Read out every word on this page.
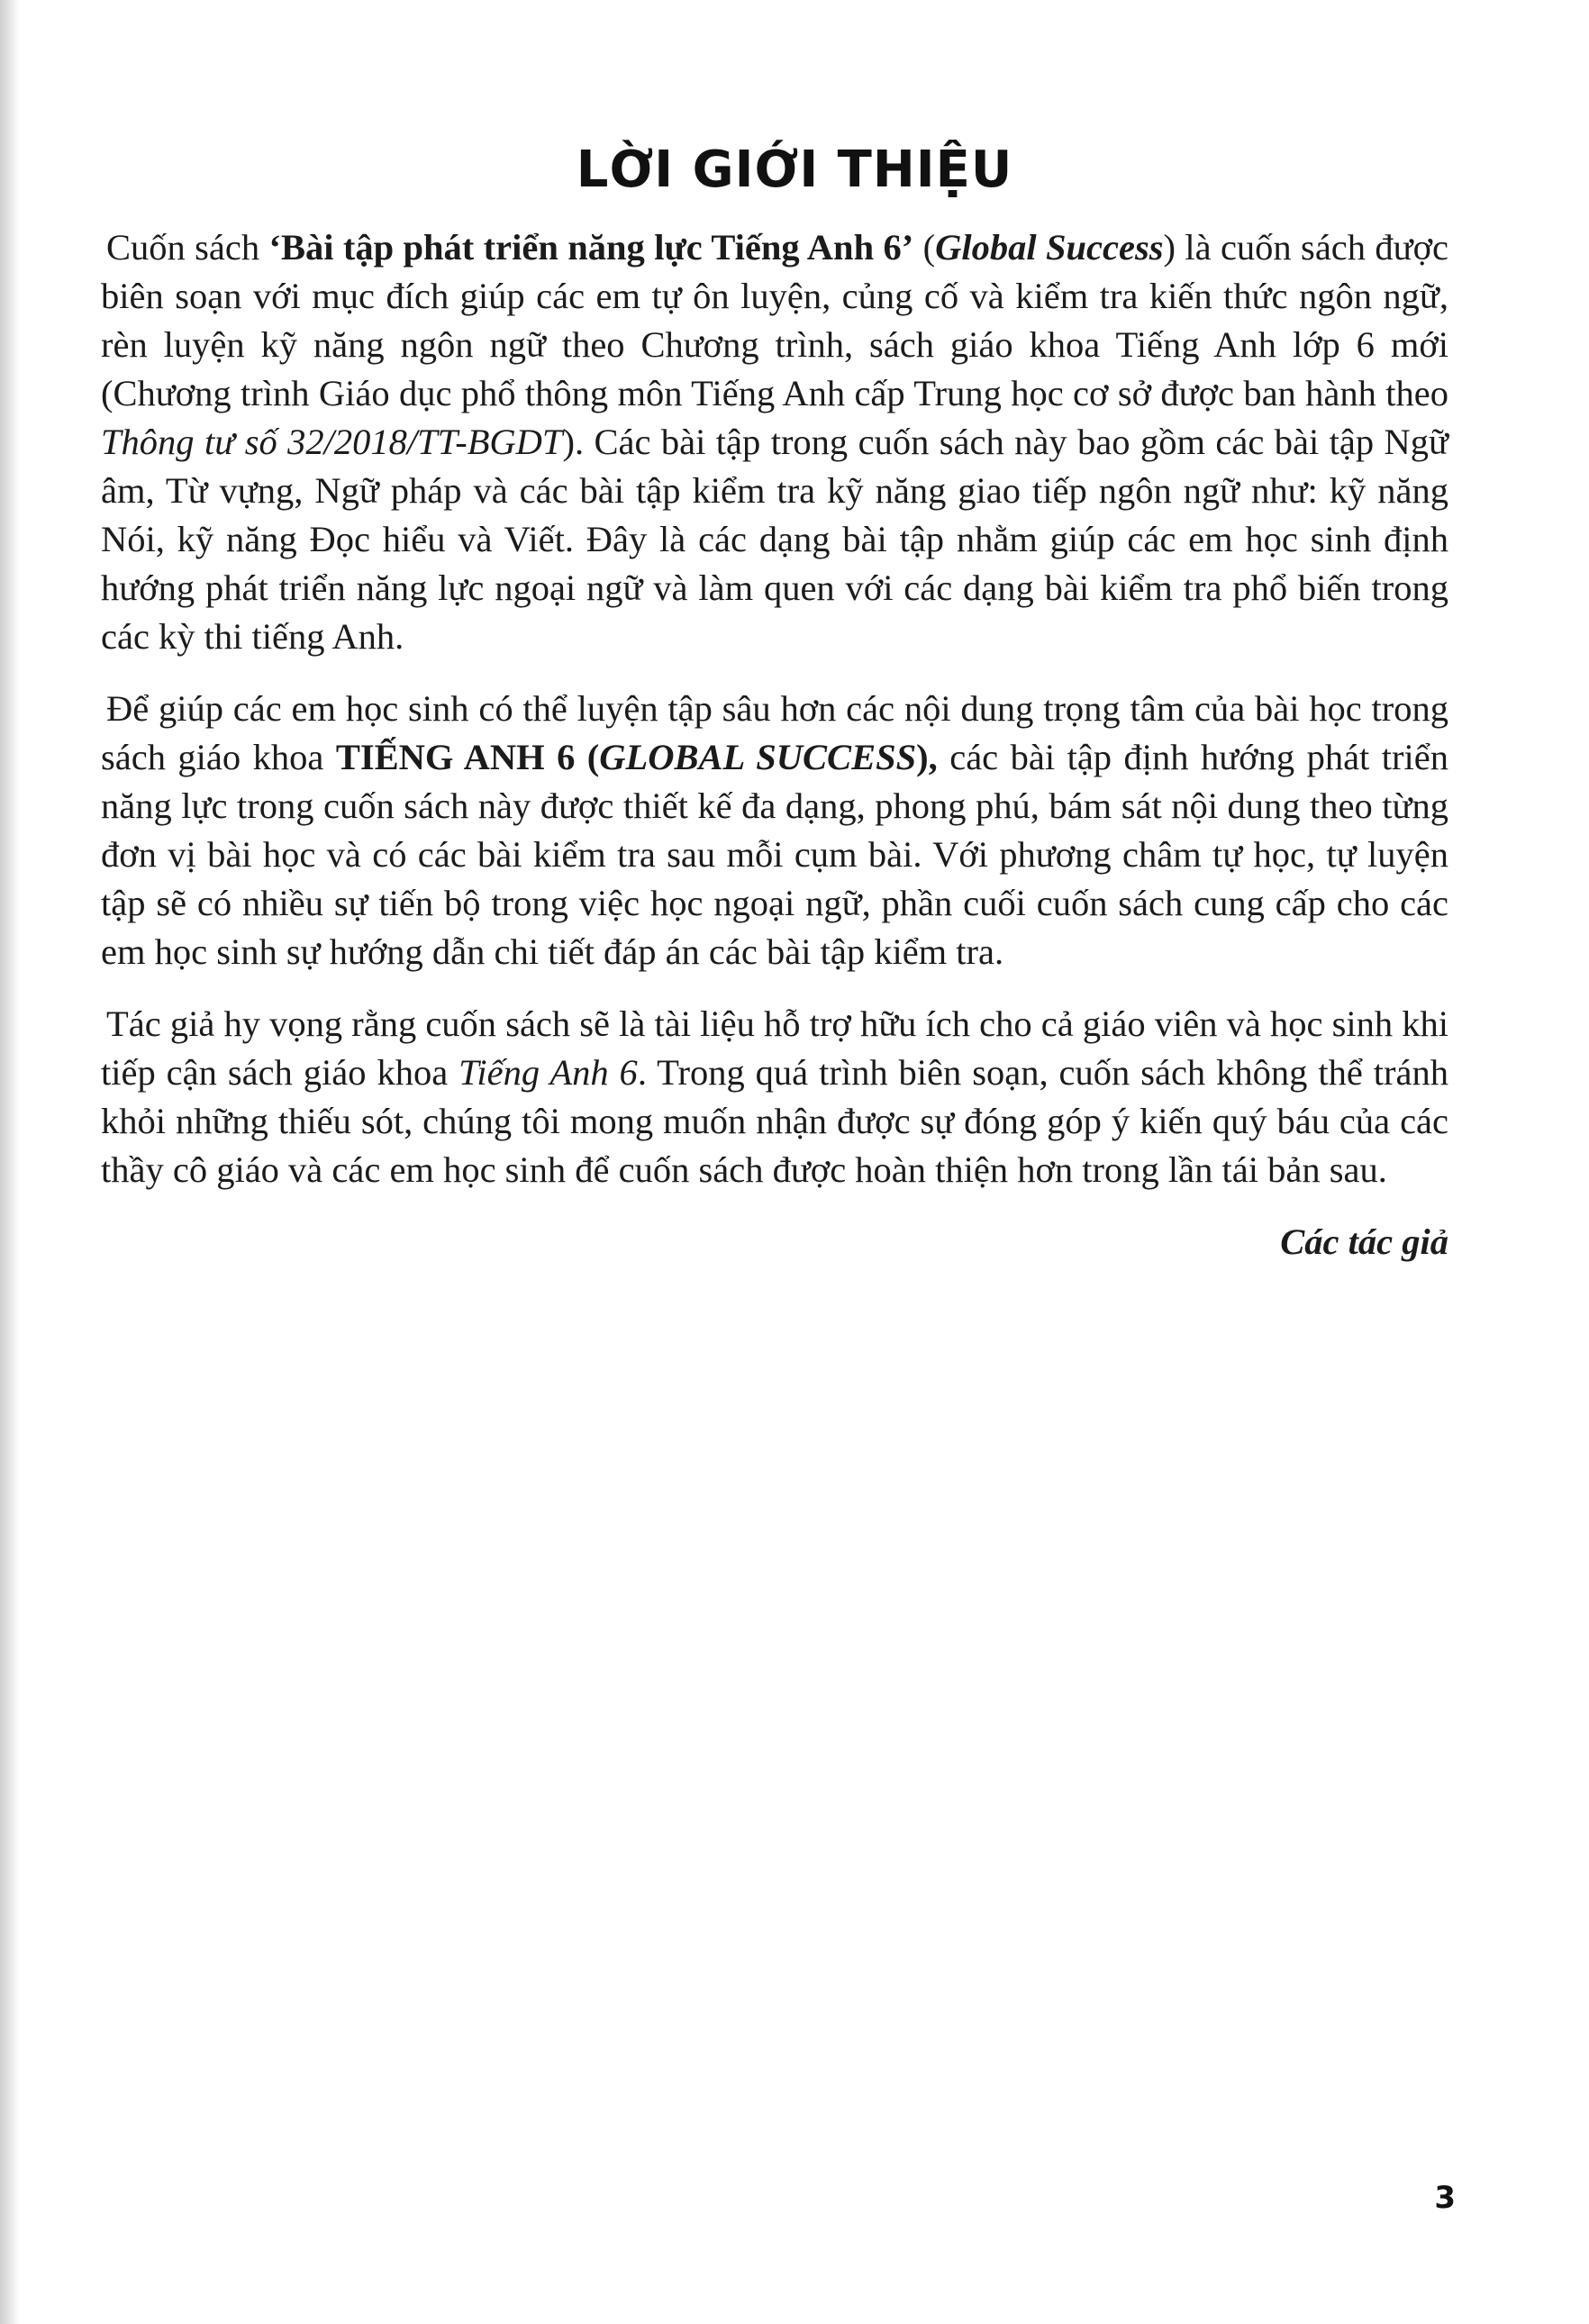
LỜI GIỚI THIỆU

Cuốn sách ‘Bài tập phát triển năng lực Tiếng Anh 6’ (Global Success) là cuốn sách được biên soạn với mục đích giúp các em tự ôn luyện, củng cố và kiểm tra kiến thức ngôn ngữ, rèn luyện kỹ năng ngôn ngữ theo Chương trình, sách giáo khoa Tiếng Anh lớp 6 mới (Chương trình Giáo dục phổ thông môn Tiếng Anh cấp Trung học cơ sở được ban hành theo Thông tư số 32/2018/TT-BGDT). Các bài tập trong cuốn sách này bao gồm các bài tập Ngữ âm, Từ vựng, Ngữ pháp và các bài tập kiểm tra kỹ năng giao tiếp ngôn ngữ như: kỹ năng Nói, kỹ năng Đọc hiểu và Viết. Đây là các dạng bài tập nhằm giúp các em học sinh định hướng phát triển năng lực ngoại ngữ và làm quen với các dạng bài kiểm tra phổ biến trong các kỳ thi tiếng Anh.

Để giúp các em học sinh có thể luyện tập sâu hơn các nội dung trọng tâm của bài học trong sách giáo khoa TIẾNG ANH 6 (GLOBAL SUCCESS), các bài tập định hướng phát triển năng lực trong cuốn sách này được thiết kế đa dạng, phong phú, bám sát nội dung theo từng đơn vị bài học và có các bài kiểm tra sau mỗi cụm bài. Với phương châm tự học, tự luyện tập sẽ có nhiều sự tiến bộ trong việc học ngoại ngữ, phần cuối cuốn sách cung cấp cho các em học sinh sự hướng dẫn chi tiết đáp án các bài tập kiểm tra.

Tác giả hy vọng rằng cuốn sách sẽ là tài liệu hỗ trợ hữu ích cho cả giáo viên và học sinh khi tiếp cận sách giáo khoa Tiếng Anh 6. Trong quá trình biên soạn, cuốn sách không thể tránh khỏi những thiếu sót, chúng tôi mong muốn nhận được sự đóng góp ý kiến quý báu của các thầy cô giáo và các em học sinh để cuốn sách được hoàn thiện hơn trong lần tái bản sau.

Các tác giả

3
